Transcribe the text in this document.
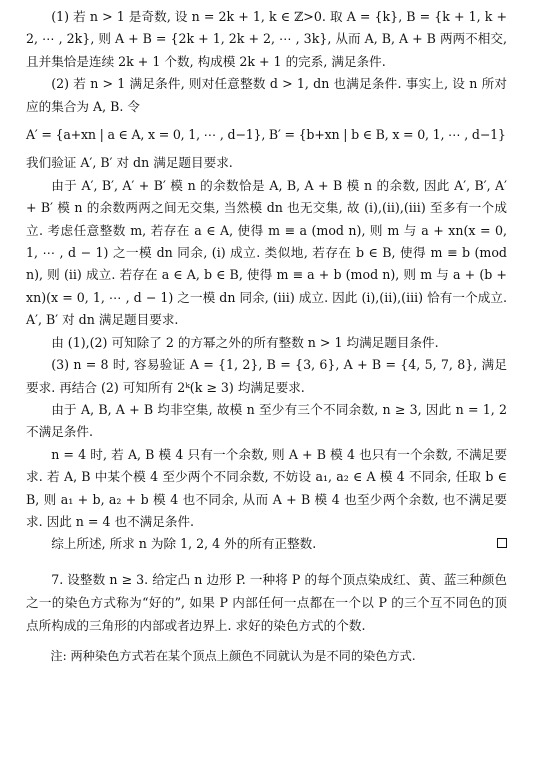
(1) 若 n > 1 是奇数, 设 n = 2k + 1, k ∈ ℤ>0. 取 A = {k}, B = {k + 1, k + 2, ⋯ , 2k}, 则 A + B = {2k + 1, 2k + 2, ⋯ , 3k}, 从而 A, B, A + B 两两不相交, 且并集恰是连续 2k + 1 个数, 构成模 2k + 1 的完系, 满足条件.

(2) 若 n > 1 满足条件, 则对任意整数 d > 1, dn 也满足条件. 事实上, 设 n 所对应的集合为 A, B. 令

A′ = {a+xn | a ∈ A, x = 0, 1, ⋯ , d−1}, B′ = {b+xn | b ∈ B, x = 0, 1, ⋯ , d−1}

我们验证 A′, B′ 对 dn 满足题目要求.

由于 A′, B′, A′ + B′ 模 n 的余数恰是 A, B, A + B 模 n 的余数, 因此 A′, B′, A′ + B′ 模 n 的余数两两之间无交集, 当然模 dn 也无交集, 故 (i),(ii),(iii) 至多有一个成立. 考虑任意整数 m, 若存在 a ∈ A, 使得 m ≡ a (mod n), 则 m 与 a + xn(x = 0, 1, ⋯ , d − 1) 之一模 dn 同余, (i) 成立. 类似地, 若存在 b ∈ B, 使得 m ≡ b (mod n), 则 (ii) 成立. 若存在 a ∈ A, b ∈ B, 使得 m ≡ a + b (mod n), 则 m 与 a + (b + xn)(x = 0, 1, ⋯ , d − 1) 之一模 dn 同余, (iii) 成立. 因此 (i),(ii),(iii) 恰有一个成立. A′, B′ 对 dn 满足题目要求.

由 (1),(2) 可知除了 2 的方幂之外的所有整数 n > 1 均满足题目条件.

(3) n = 8 时, 容易验证 A = {1, 2}, B = {3, 6}, A + B = {4, 5, 7, 8}, 满足要求. 再结合 (2) 可知所有 2ᵏ(k ≥ 3) 均满足要求.

由于 A, B, A + B 均非空集, 故模 n 至少有三个不同余数, n ≥ 3, 因此 n = 1, 2 不满足条件.

n = 4 时, 若 A, B 模 4 只有一个余数, 则 A + B 模 4 也只有一个余数, 不满足要求. 若 A, B 中某个模 4 至少两个不同余数, 不妨设 a₁, a₂ ∈ A 模 4 不同余, 任取 b ∈ B, 则 a₁ + b, a₂ + b 模 4 也不同余, 从而 A + B 模 4 也至少两个余数, 也不满足要求. 因此 n = 4 也不满足条件.

综上所述, 所求 n 为除 1, 2, 4 外的所有正整数.

7. 设整数 n ≥ 3. 给定凸 n 边形 P. 一种将 P 的每个顶点染成红、黄、蓝三种颜色之一的染色方式称为“好的”, 如果 P 内部任何一点都在一个以 P 的三个互不同色的顶点所构成的三角形的内部或者边界上. 求好的染色方式的个数.

注: 两种染色方式若在某个顶点上颜色不同就认为是不同的染色方式.
